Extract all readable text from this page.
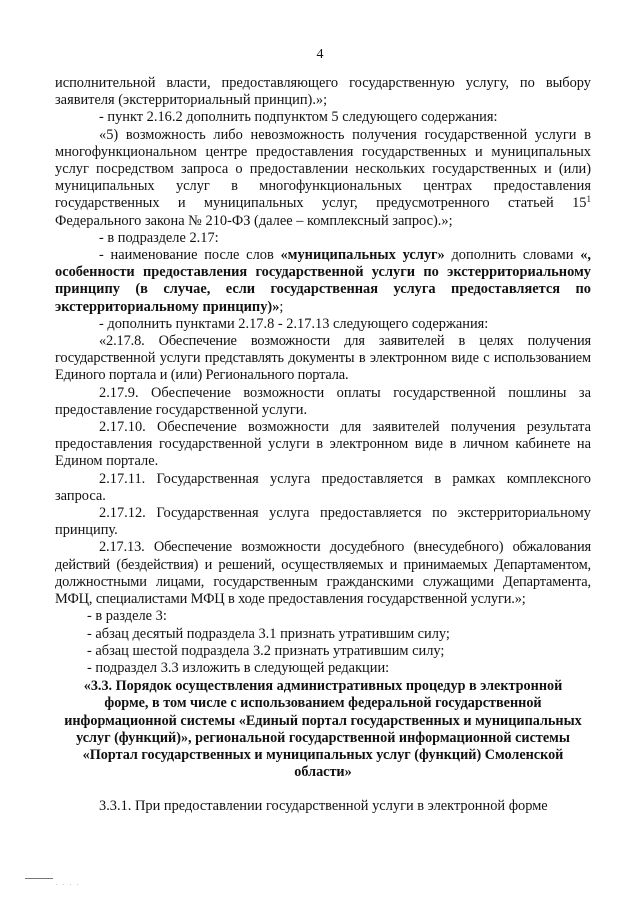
4

исполнительной власти, предоставляющего государственную услугу, по выбору заявителя (экстерриториальный принцип).»;

- пункт 2.16.2 дополнить подпунктом 5 следующего содержания:

«5) возможность либо невозможность получения государственной услуги в многофункциональном центре предоставления государственных и муниципальных услуг посредством запроса о предоставлении нескольких государственных и (или) муниципальных услуг в многофункциональных центрах предоставления государственных и муниципальных услуг, предусмотренного статьей $15^1$ Федерального закона № 210-ФЗ (далее – комплексный запрос).»;

- в подразделе 2.17:

- наименование после слов «муниципальных услуг» дополнить словами «, особенности предоставления государственной услуги по экстерриториальному принципу (в случае, если государственная услуга предоставляется по экстерриториальному принципу)»;

- дополнить пунктами 2.17.8 - 2.17.13 следующего содержания:

«2.17.8. Обеспечение возможности для заявителей в целях получения государственной услуги представлять документы в электронном виде с использованием Единого портала и (или) Регионального портала.

2.17.9. Обеспечение возможности оплаты государственной пошлины за предоставление государственной услуги.

2.17.10. Обеспечение возможности для заявителей получения результата предоставления государственной услуги в электронном виде в личном кабинете на Едином портале.

2.17.11. Государственная услуга предоставляется в рамках комплексного запроса.

2.17.12. Государственная услуга предоставляется по экстерриториальному принципу.

2.17.13. Обеспечение возможности досудебного (внесудебного) обжалования действий (бездействия) и решений, осуществляемых и принимаемых Департаментом, должностными лицами, государственным гражданскими служащими Департамента, МФЦ, специалистами МФЦ в ходе предоставления государственной услуги.»;

- в разделе 3:

- абзац десятый подраздела 3.1 признать утратившим силу;

- абзац шестой подраздела 3.2 признать утратившим силу;

- подраздел 3.3 изложить в следующей редакции:

«3.3. Порядок осуществления административных процедур в электронной форме, в том числе с использованием федеральной государственной информационной системы «Единый портал государственных и муниципальных услуг (функций)», региональной государственной информационной системы «Портал государственных и муниципальных услуг (функций) Смоленской области»

3.3.1. При предоставлении государственной услуги в электронной форме

. . . .
